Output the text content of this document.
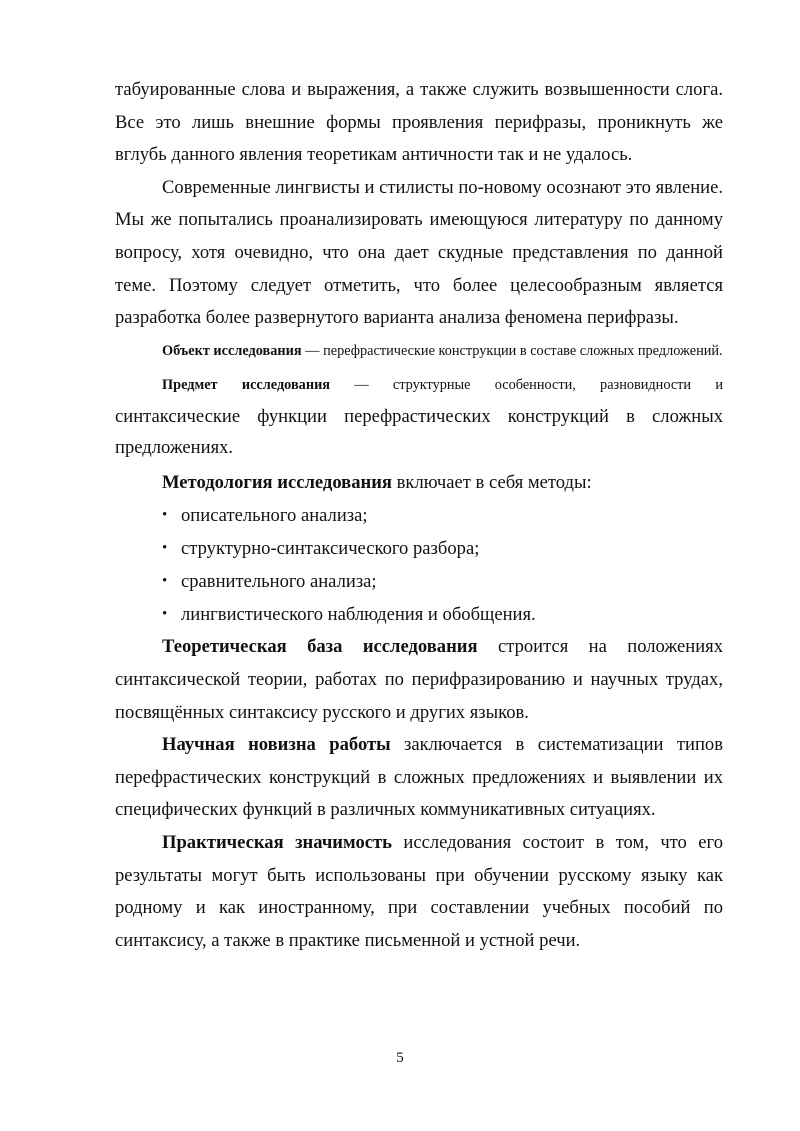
табуированные слова и выражения, а также служить возвышенности слога. Все это лишь внешние формы проявления перифразы, проникнуть же вглубь данного явления теоретикам античности так и не удалось.

Современные лингвисты и стилисты по-новому осознают это явление. Мы же попытались проанализировать имеющуюся литературу по данному вопросу, хотя очевидно, что она дает скудные представления по данной теме. Поэтому следует отметить, что более целесообразным является разработка более развернутого варианта анализа феномена перифразы.

Объект исследования — перефрастические конструкции в составе сложных предложений.

Предмет исследования — структурные особенности, разновидности и синтаксические функции перефрастических конструкций в сложных предложениях.

Методология исследования включает в себя методы:

• описательного анализа;
• структурно-синтаксического разбора;
• сравнительного анализа;
• лингвистического наблюдения и обобщения.

Теоретическая база исследования строится на положениях синтаксической теории, работах по перифразированию и научных трудах, посвящённых синтаксису русского и других языков.

Научная новизна работы заключается в систематизации типов перефрастических конструкций в сложных предложениях и выявлении их специфических функций в различных коммуникативных ситуациях.

Практическая значимость исследования состоит в том, что его результаты могут быть использованы при обучении русскому языку как родному и как иностранному, при составлении учебных пособий по синтаксису, а также в практике письменной и устной речи.

5
